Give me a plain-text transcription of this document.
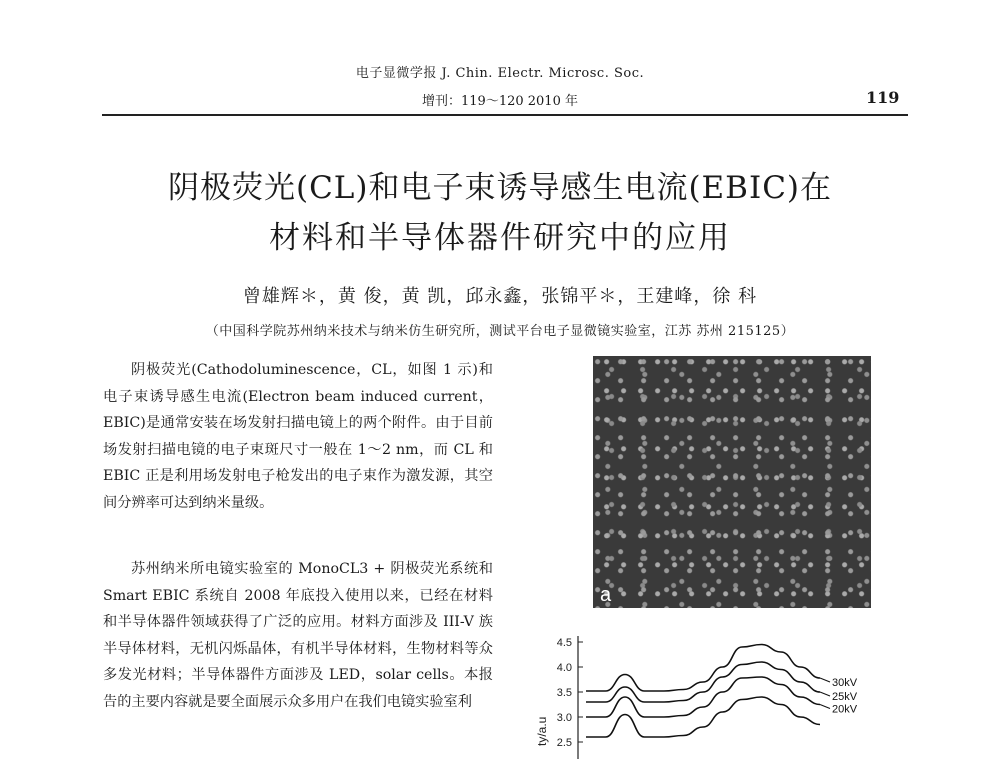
电子显微学报 J. Chin. Electr. Microsc. Soc.
增刊：119～120 2010 年	119
阴极荧光(CL)和电子束诱导感生电流(EBIC)在
材料和半导体器件研究中的应用
曾雄辉＊，黄 俊，黄 凯，邱永鑫，张锦平＊，王建峰，徐 科
（中国科学院苏州纳米技术与纳米仿生研究所，测试平台电子显微镜实验室，江苏 苏州 215125）

阴极荧光(Cathodoluminescence，CL，如图 1 示)和电子束诱导感生电流(Electron beam induced current，EBIC)是通常安装在场发射扫描电镜上的两个附件。由于目前场发射扫描电镜的电子束斑尺寸一般在 1～2 nm，而 CL 和 EBIC 正是利用场发射电子枪发出的电子束作为激发源，其空间分辨率可达到纳米量级。

苏州纳米所电镜实验室的 MonoCL3 + 阴极荧光系统和 Smart EBIC 系统自 2008 年底投入使用以来，已经在材料和半导体器件领域获得了广泛的应用。材料方面涉及 III-V 族半导体材料，无机闪烁晶体，有机半导体材料，生物材料等众多发光材料；半导体器件方面涉及 LED，solar cells。本报告的主要内容就是要全面展示众多用户在我们电镜实验室利

a
2.5
3.0
3.5
4.0
4.5
ty/a.u
30kV
25kV
20kV
